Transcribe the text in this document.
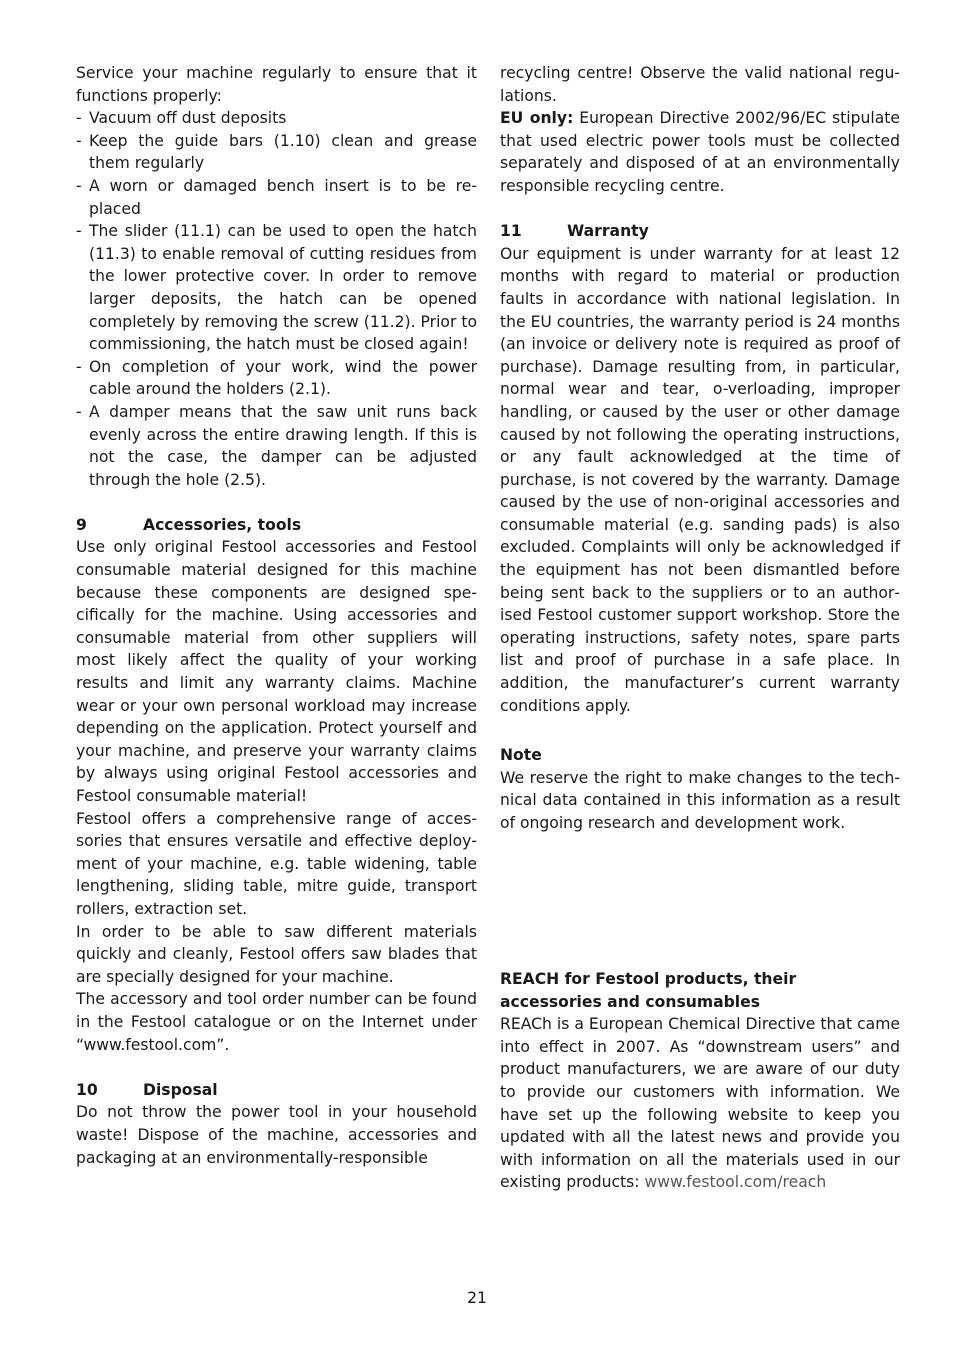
Service your machine regularly to ensure that it functions properly:

- Vacuum off dust deposits
- Keep the guide bars (1.10) clean and grease them regularly
- A worn or damaged bench insert is to be replaced
- The slider (11.1) can be used to open the hatch (11.3) to enable removal of cutting residues from the lower protective cover. In order to remove larger deposits, the hatch can be opened completely by removing the screw (11.2). Prior to commissioning, the hatch must be closed again!
- On completion of your work, wind the power cable around the holders (2.1).
- A damper means that the saw unit runs back evenly across the entire drawing length. If this is not the case, the damper can be adjusted through the hole (2.5).
9	Accessories, tools

Use only original Festool accessories and Festool consumable material designed for this machine because these components are designed specifically for the machine. Using accessories and consumable material from other suppliers will most likely affect the quality of your working results and limit any warranty claims. Machine wear or your own personal workload may increase depending on the application. Protect yourself and your machine, and preserve your warranty claims by always using original Festool accessories and Festool consumable material!

Festool offers a comprehensive range of accessories that ensures versatile and effective deployment of your machine, e.g. table widening, table lengthening, sliding table, mitre guide, transport rollers, extraction set.

In order to be able to saw different materials quickly and cleanly, Festool offers saw blades that are specially designed for your machine.

The accessory and tool order number can be found in the Festool catalogue or on the Internet under “www.festool.com”.

10	Disposal

Do not throw the power tool in your household waste! Dispose of the machine, accessories and packaging at an environmentally-responsible

recycling centre! Observe the valid national regulations.

EU only: European Directive 2002/96/EC stipulate that used electric power tools must be collected separately and disposed of at an environmentally responsible recycling centre.

11	Warranty

Our equipment is under warranty for at least 12 months with regard to material or production faults in accordance with national legislation. In the EU countries, the warranty period is 24 months (an invoice or delivery note is required as proof of purchase). Damage resulting from, in particular, normal wear and tear, o-verloading, improper handling, or caused by the user or other damage caused by not following the operating instructions, or any fault acknowledged at the time of purchase, is not covered by the warranty. Damage caused by the use of non-original accessories and consumable material (e.g. sanding pads) is also excluded. Complaints will only be acknowledged if the equipment has not been dismantled before being sent back to the suppliers or to an authorised Festool customer support workshop. Store the operating instructions, safety notes, spare parts list and proof of purchase in a safe place. In addition, the manufacturer’s current warranty conditions apply.

Note

We reserve the right to make changes to the technical data contained in this information as a result of ongoing research and development work.

REACH for Festool products, their accessories and consumables

REACh is a European Chemical Directive that came into effect in 2007. As “downstream users” and product manufacturers, we are aware of our duty to provide our customers with information. We have set up the following website to keep you updated with all the latest news and provide you with information on all the materials used in our existing products: www.festool.com/reach

21
